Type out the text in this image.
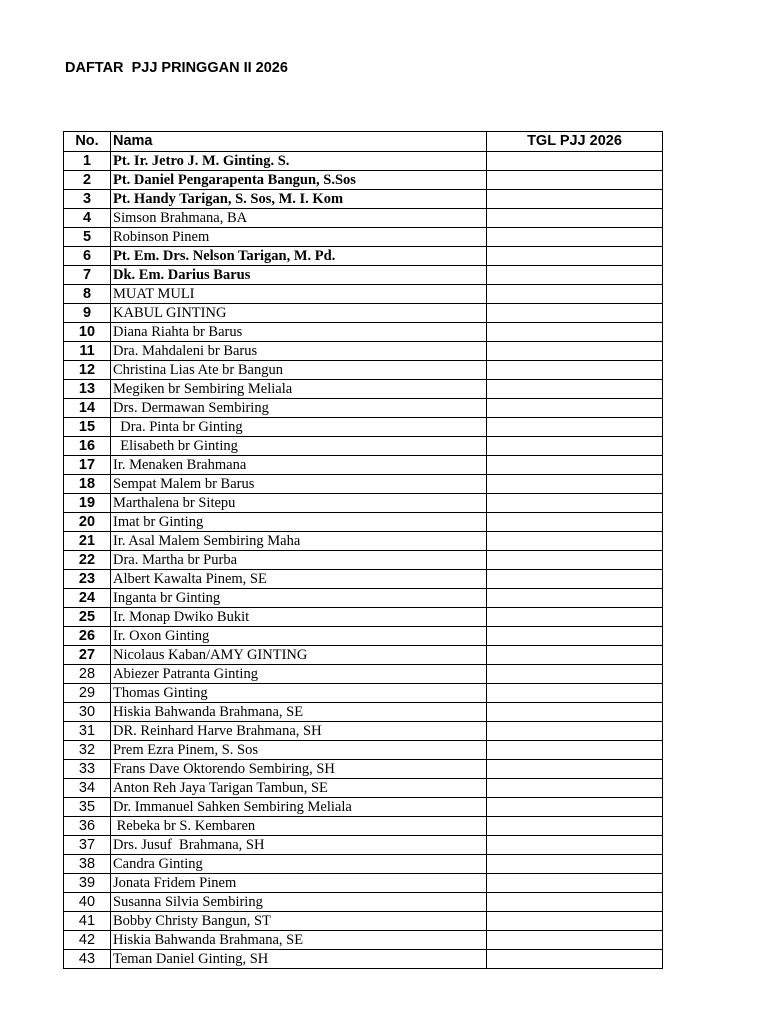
DAFTAR  PJJ PRINGGAN II 2026
No.	Nama	TGL PJJ 2026
1	Pt. Ir. Jetro J. M. Ginting. S.	
2	Pt. Daniel Pengarapenta Bangun, S.Sos	
3	Pt. Handy Tarigan, S. Sos, M. I. Kom	
4	Simson Brahmana, BA	
5	Robinson Pinem	
6	Pt. Em. Drs. Nelson Tarigan, M. Pd.	
7	Dk. Em. Darius Barus	
8	MUAT MULI	
9	KABUL GINTING	
10	Diana Riahta br Barus	
11	Dra. Mahdaleni br Barus	
12	Christina Lias Ate br Bangun	
13	Megiken br Sembiring Meliala	
14	Drs. Dermawan Sembiring	
15	Dra. Pinta br Ginting	
16	Elisabeth br Ginting	
17	Ir. Menaken Brahmana	
18	Sempat Malem br Barus	
19	Marthalena br Sitepu	
20	Imat br Ginting	
21	Ir. Asal Malem Sembiring Maha	
22	Dra. Martha br Purba	
23	Albert Kawalta Pinem, SE	
24	Inganta br Ginting	
25	Ir. Monap Dwiko Bukit	
26	Ir. Oxon Ginting	
27	Nicolaus Kaban/AMY GINTING	
28	Abiezer Patranta Ginting	
29	Thomas Ginting	
30	Hiskia Bahwanda Brahmana, SE	
31	DR. Reinhard Harve Brahmana, SH	
32	Prem Ezra Pinem, S. Sos	
33	Frans Dave Oktorendo Sembiring, SH	
34	Anton Reh Jaya Tarigan Tambun, SE	
35	Dr. Immanuel Sahken Sembiring Meliala	
36	Rebeka br S. Kembaren	
37	Drs. Jusuf  Brahmana, SH	
38	Candra Ginting	
39	Jonata Fridem Pinem	
40	Susanna Silvia Sembiring	
41	Bobby Christy Bangun, ST	
42	Hiskia Bahwanda Brahmana, SE	
43	Teman Daniel Ginting, SH	
